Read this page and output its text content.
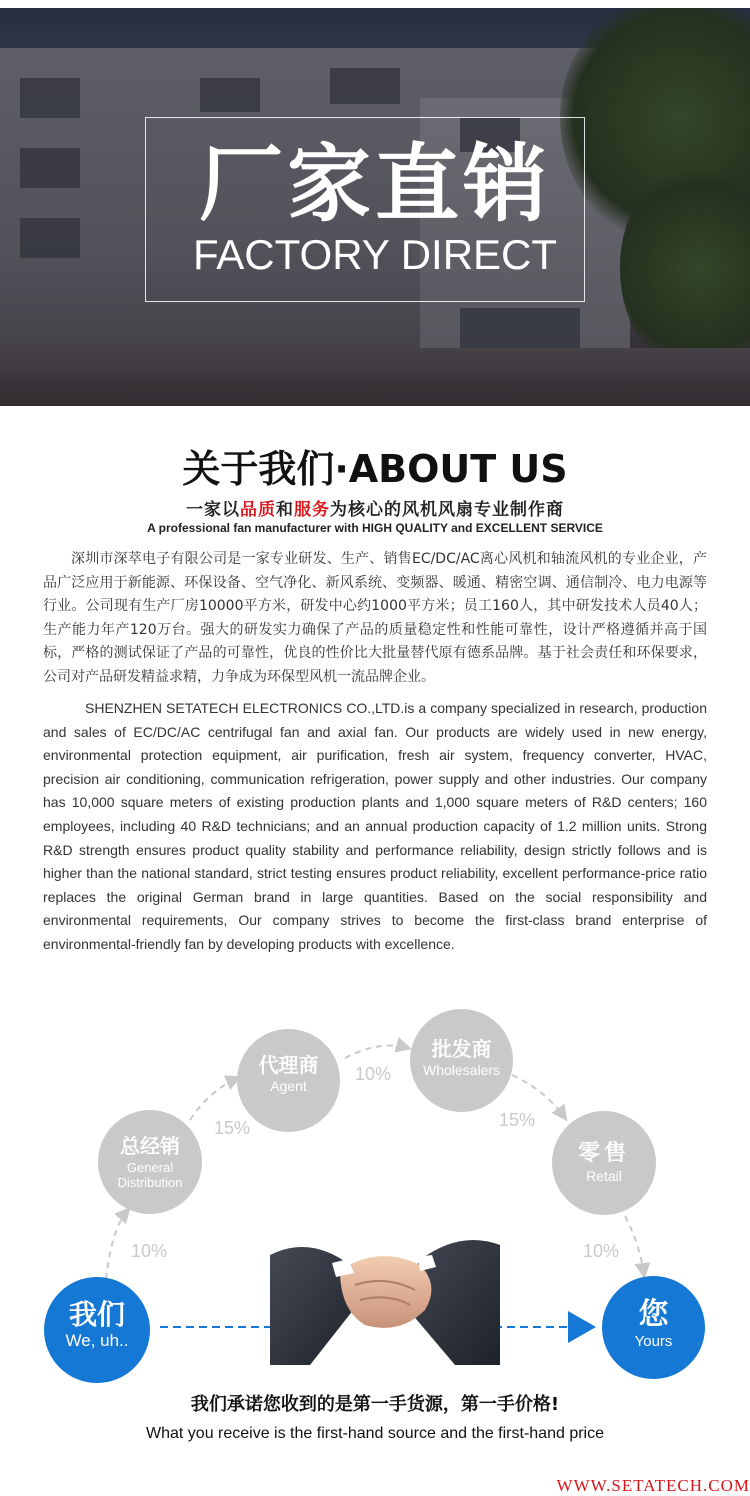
厂家直销
FACTORY DIRECT
关于我们·ABOUT US
一家以品质和服务为核心的风机风扇专业制作商
A professional fan manufacturer with HIGH QUALITY and EXCELLENT SERVICE

深圳市深萃电子有限公司是一家专业研发、生产、销售EC/DC/AC离心风机和轴流风机的专业企业，产品广泛应用于新能源、环保设备、空气净化、新风系统、变频器、暖通、精密空调、通信制冷、电力电源等行业。公司现有生产厂房10000平方米，研发中心约1000平方米；员工160人，其中研发技术人员40人；生产能力年产120万台。强大的研发实力确保了产品的质量稳定性和性能可靠性，设计严格遵循并高于国标，严格的测试保证了产品的可靠性，优良的性价比大批量替代原有德系品牌。基于社会责任和环保要求，公司对产品研发精益求精，力争成为环保型风机一流品牌企业。

SHENZHEN SETATECH ELECTRONICS CO.,LTD.is a company specialized in research, production and sales of EC/DC/AC centrifugal fan and axial fan. Our products are widely used in new energy, environmental protection equipment, air purification, fresh air system, frequency converter, HVAC, precision air conditioning, communication refrigeration, power supply and other industries. Our company has 10,000 square meters of existing production plants and 1,000 square meters of R&D centers; 160 employees, including 40 R&D technicians; and an annual production capacity of 1.2 million units. Strong R&D strength ensures product quality stability and performance reliability, design strictly follows and is higher than the national standard, strict testing ensures product reliability, excellent performance-price ratio replaces the original German brand in large quantities. Based on the social responsibility and environmental requirements, Our company strives to become the first-class brand enterprise of environmental-friendly fan by developing products with excellence.

代理商
Agent
批发商
Wholesalers
总经销
General Distribution
零售
Retail
我们
We, uh..
您
Yours
10%
15%
10%
15%
10%
我们承诺您收到的是第一手货源，第一手价格!
What you receive is the first-hand source and the first-hand price
WWW.SETATECH.COM
